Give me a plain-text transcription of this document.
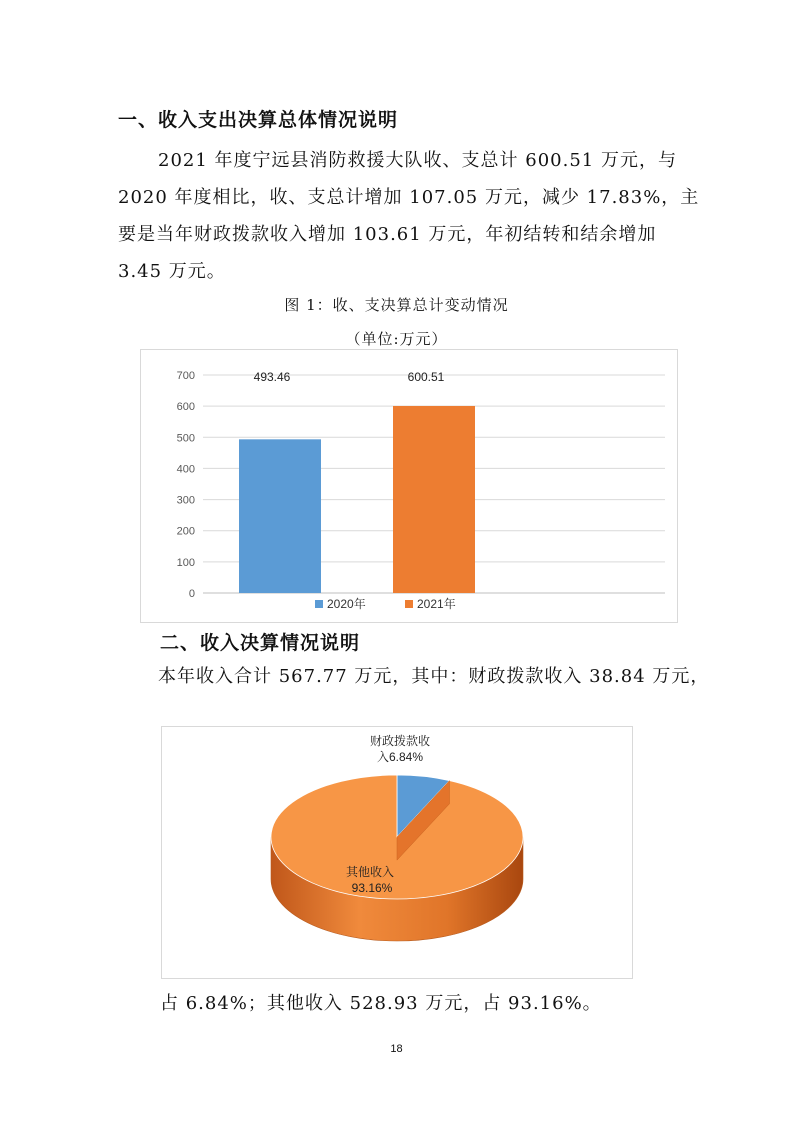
一、收入支出决算总体情况说明
2021 年度宁远县消防救援大队收、支总计 600.51 万元，与
2020 年度相比，收、支总计增加 107.05 万元，减少 17.83%，主
要是当年财政拨款收入增加 103.61 万元，年初结转和结余增加
3.45 万元。
图 1：收、支决算总计变动情况
（单位:万元）
0
100
200
300
400
500
600
700	493.46	600.51
2020年	2021年
二、收入决算情况说明
本年收入合计 567.77 万元，其中：财政拨款收入 38.84 万元，
财政拨款收
入6.84%
其他收入
93.16%
占 6.84%；其他收入 528.93 万元，占 93.16%。
18
